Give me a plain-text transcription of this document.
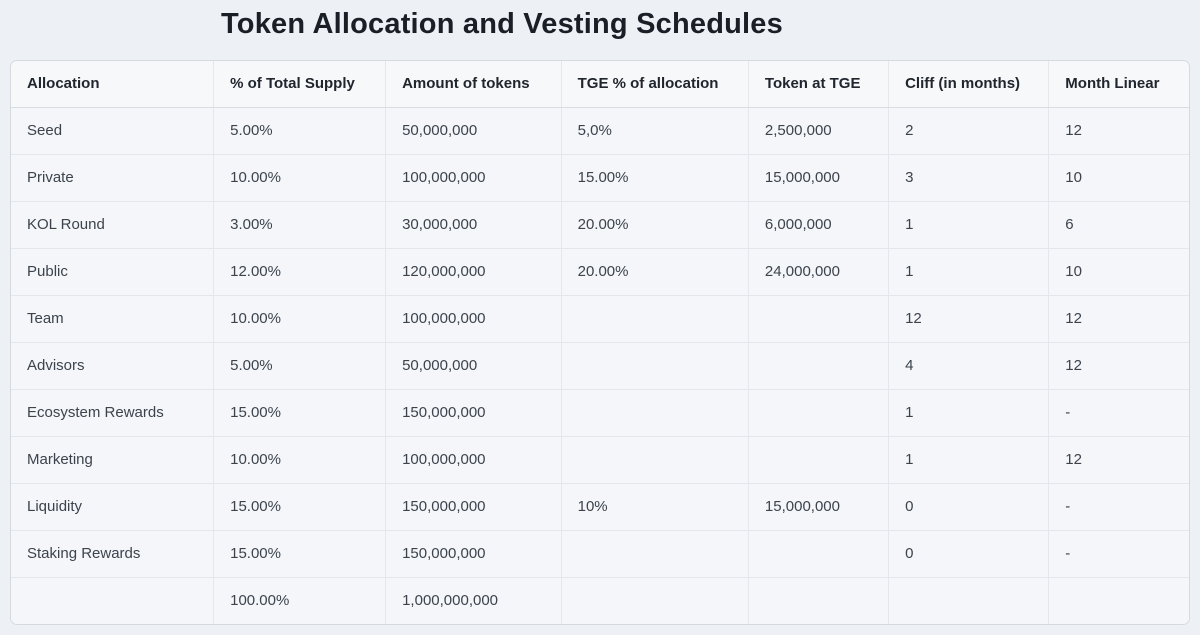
Token Allocation and Vesting Schedules
Allocation	% of Total Supply	Amount of tokens	TGE % of allocation	Token at TGE	Cliff (in months)	Month Linear
Seed	5.00%	50,000,000	5,0%	2,500,000	2	12
Private	10.00%	100,000,000	15.00%	15,000,000	3	10
KOL Round	3.00%	30,000,000	20.00%	6,000,000	1	6
Public	12.00%	120,000,000	20.00%	24,000,000	1	10
Team	10.00%	100,000,000			12	12
Advisors	5.00%	50,000,000			4	12
Ecosystem Rewards	15.00%	150,000,000			1	-
Marketing	10.00%	100,000,000			1	12
Liquidity	15.00%	150,000,000	10%	15,000,000	0	-
Staking Rewards	15.00%	150,000,000			0	-
	100.00%	1,000,000,000				
